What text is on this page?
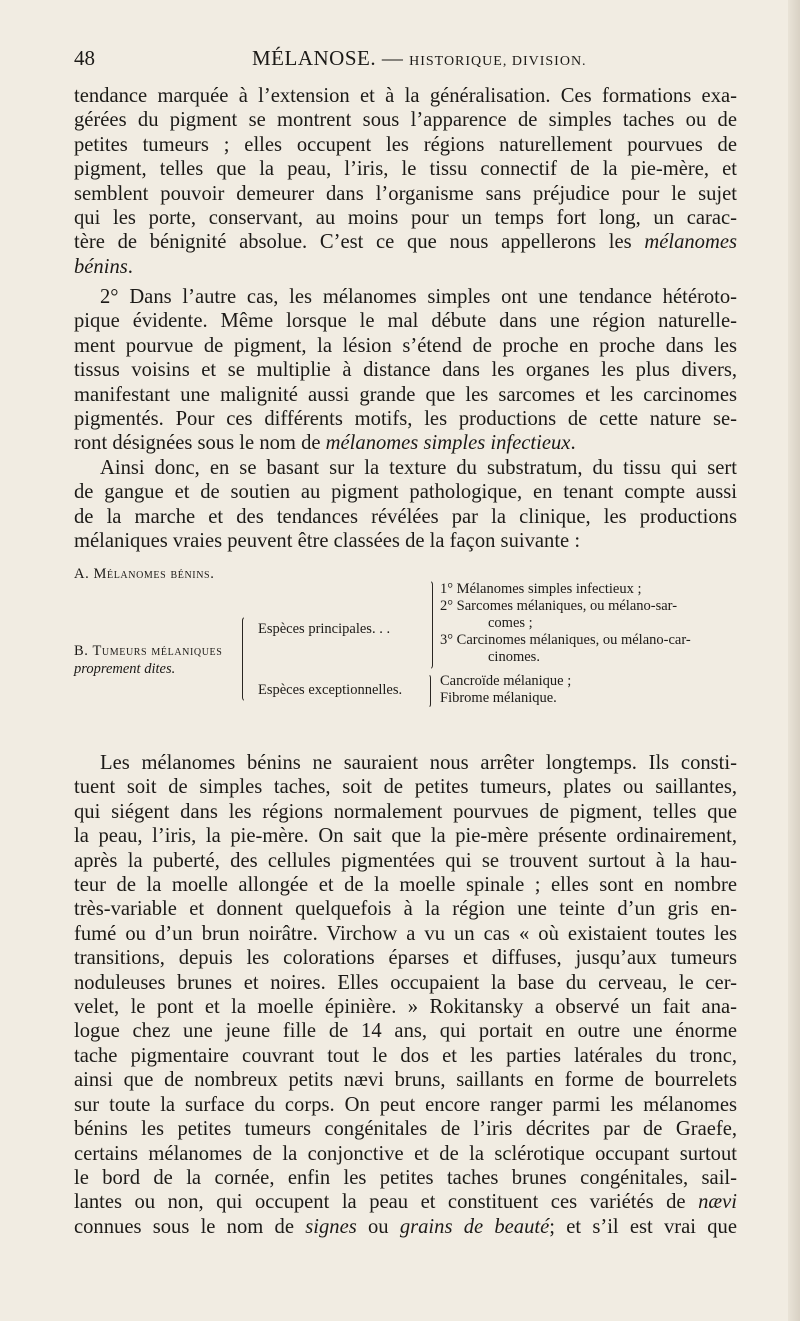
48	MÉLANOSE. — HISTORIQUE, DIVISION.

tendance marquée à l’extension et à la généralisation. Ces formations exa-
gérées du pigment se montrent sous l’apparence de simples taches ou de
petites tumeurs ; elles occupent les régions naturellement pourvues de
pigment, telles que la peau, l’iris, le tissu connectif de la pie-mère, et
semblent pouvoir demeurer dans l’organisme sans préjudice pour le sujet
qui les porte, conservant, au moins pour un temps fort long, un carac-
tère de bénignité absolue. C’est ce que nous appellerons les mélanomes
bénins.

2° Dans l’autre cas, les mélanomes simples ont une tendance hétéroto-
pique évidente. Même lorsque le mal débute dans une région naturelle-
ment pourvue de pigment, la lésion s’étend de proche en proche dans les
tissus voisins et se multiplie à distance dans les organes les plus divers,
manifestant une malignité aussi grande que les sarcomes et les carcinomes
pigmentés. Pour ces différents motifs, les productions de cette nature se-
ront désignées sous le nom de mélanomes simples infectieux.

Ainsi donc, en se basant sur la texture du substratum, du tissu qui sert
de gangue et de soutien au pigment pathologique, en tenant compte aussi
de la marche et des tendances révélées par la clinique, les productions
mélaniques vraies peuvent être classées de la façon suivante :

A. Mélanomes bénins.
B. Tumeurs mélaniques
proprement dites.
Espèces principales. . .
Espèces exceptionnelles.
1° Mélanomes simples infectieux ;
2° Sarcomes mélaniques, ou mélano-sar-
comes ;
3° Carcinomes mélaniques, ou mélano-car-
cinomes.
Cancroïde mélanique ;
Fibrome mélanique.

Les mélanomes bénins ne sauraient nous arrêter longtemps. Ils consti-
tuent soit de simples taches, soit de petites tumeurs, plates ou saillantes,
qui siégent dans les régions normalement pourvues de pigment, telles que
la peau, l’iris, la pie-mère. On sait que la pie-mère présente ordinairement,
après la puberté, des cellules pigmentées qui se trouvent surtout à la hau-
teur de la moelle allongée et de la moelle spinale ; elles sont en nombre
très-variable et donnent quelquefois à la région une teinte d’un gris en-
fumé ou d’un brun noirâtre. Virchow a vu un cas « où existaient toutes les
transitions, depuis les colorations éparses et diffuses, jusqu’aux tumeurs
noduleuses brunes et noires. Elles occupaient la base du cerveau, le cer-
velet, le pont et la moelle épinière. » Rokitansky a observé un fait ana-
logue chez une jeune fille de 14 ans, qui portait en outre une énorme
tache pigmentaire couvrant tout le dos et les parties latérales du tronc,
ainsi que de nombreux petits nævi bruns, saillants en forme de bourrelets
sur toute la surface du corps. On peut encore ranger parmi les mélanomes
bénins les petites tumeurs congénitales de l’iris décrites par de Graefe,
certains mélanomes de la conjonctive et de la sclérotique occupant surtout
le bord de la cornée, enfin les petites taches brunes congénitales, sail-
lantes ou non, qui occupent la peau et constituent ces variétés de nævi
connues sous le nom de signes ou grains de beauté; et s’il est vrai que
